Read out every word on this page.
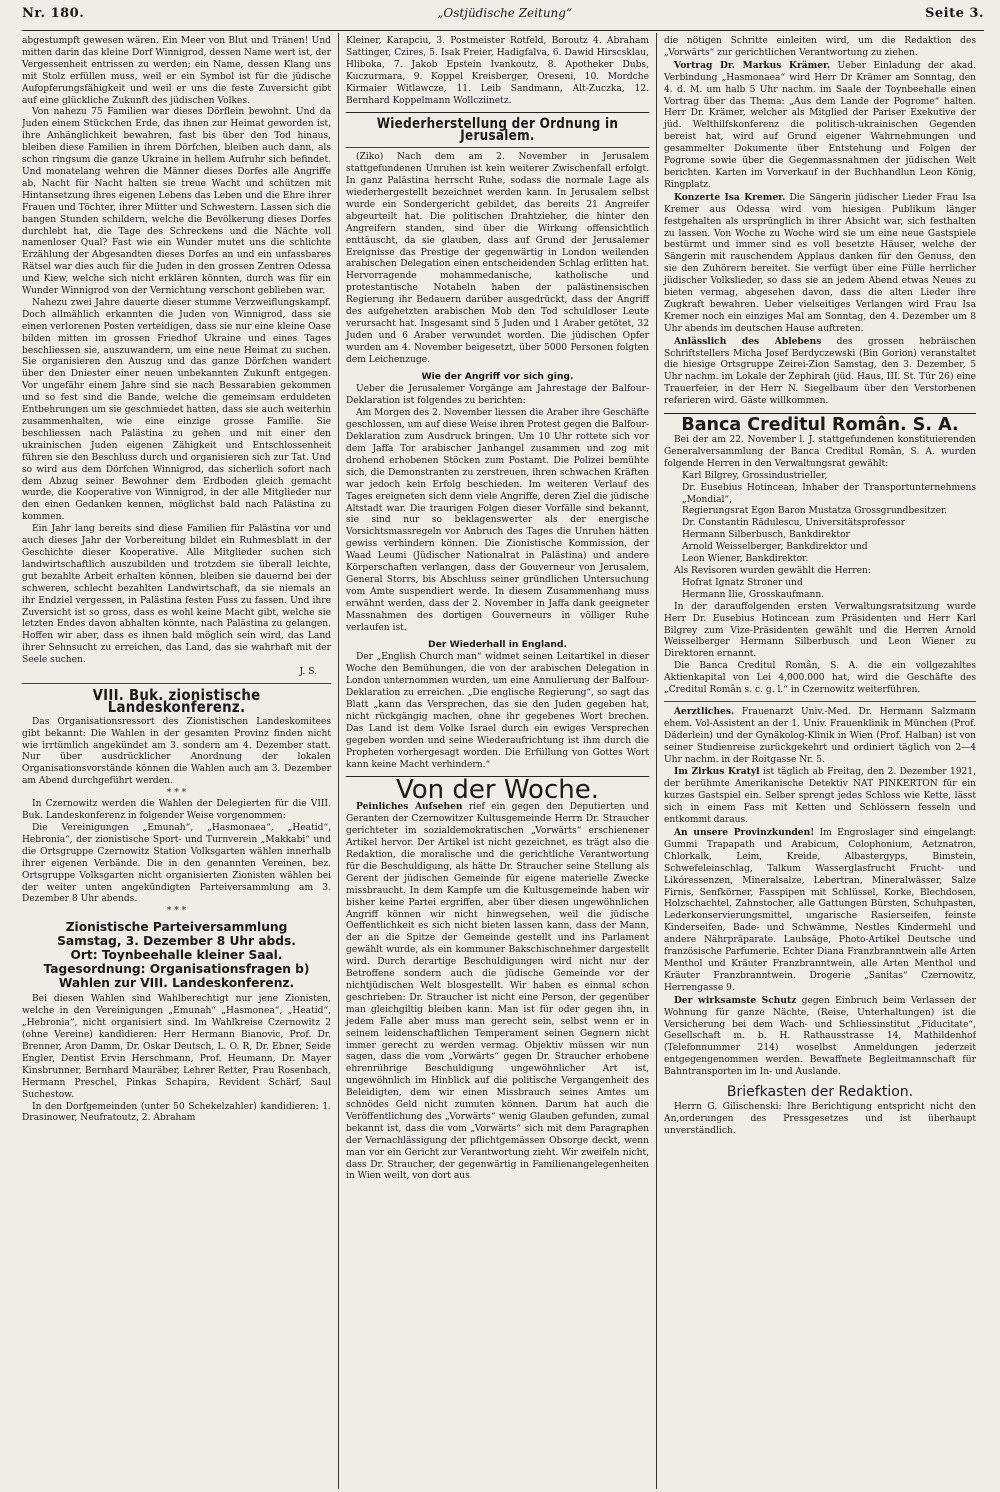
Nr. 180.	„Ostjüdische Zeitung“	Seite 3.

abgestumpft gewesen wären. Ein Meer von Blut und Tränen! Und mitten darin das kleine Dorf Winnigrod, dessen Name wert ist, der Vergessenheit entrissen zu werden; ein Name, dessen Klang uns mit Stolz erfüllen muss, weil er ein Symbol ist für die jüdische Aufopferungsfähigkeit und weil er uns die feste Zuversicht gibt auf eine glückliche Zukunft des jüdischen Volkes.

Von nahezu 75 Familien war dieses Dörflein bewohnt. Und da Juden einem Stückchen Erde, das ihnen zur Heimat geworden ist, ihre Anhänglichkeit bewahren, fast bis über den Tod hinaus, bleiben diese Familien in ihrem Dörfchen, bleiben auch dann, als schon ringsum die ganze Ukraine in hellem Aufruhr sich befindet. Und monatelang wehren die Männer dieses Dorfes alle Angriffe ab, Nacht für Nacht halten sie treue Wacht und schützen mit Hintansetzung ihres eigenen Lebens das Leben und die Ehre ihrer Frauen und Töchter, ihrer Mütter und Schwestern. Lassen sich die bangen Stunden schildern, welche die Bevölkerung dieses Dorfes durchlebt hat, die Tage des Schreckens und die Nächte voll namenloser Qual? Fast wie ein Wunder mutet uns die schlichte Erzählung der Abgesandten dieses Dorfes an und ein unfassbares Rätsel war dies auch für die Juden in den grossen Zentren Odessa und Kiew, welche sich nicht erklären könnten, durch was für ein Wunder Winnigrod von der Vernichtung verschont geblieben war.

Nahezu zwei Jahre dauerte dieser stumme Verzweiflungskampf. Doch allmählich erkannten die Juden von Winnigrod, dass sie einen verlorenen Posten verteidigen, dass sie nur eine kleine Oase bilden mitten im grossen Friedhof Ukraine und eines Tages beschliessen sie, auszuwandern, um eine neue Heimat zu suchen. Sie organisieren den Auszug und das ganze Dörfchen wandert über den Dniester einer neuen unbekannten Zukunft entgegen. Vor ungefähr einem Jahre sind sie nach Bessarabien gekommen und so fest sind die Bande, welche die gemeinsam erduldeten Entbehrungen um sie geschmiedet hatten, dass sie auch weiterhin zusammenhalten, wie eine einzige grosse Familie. Sie beschliessen nach Palästina zu gehen und mit einer den ukrainischen Juden eigenen Zähigkeit und Entschlossenheit führen sie den Beschluss durch und organisieren sich zur Tat. Und so wird aus dem Dörfchen Winnigrod, das sicherlich sofort nach dem Abzug seiner Bewohner dem Erdboden gleich gemacht wurde, die Kooperative von Winnigrod, in der alle Mitglieder nur den einen Gedanken kennen, möglichst bald nach Palästina zu kommen.

Ein Jahr lang bereits sind diese Familien für Palästina vor und auch dieses Jahr der Vorbereitung bildet ein Ruhmesblatt in der Geschichte dieser Kooperative. Alle Mitglieder suchen sich landwirtschaftlich auszubilden und trotzdem sie überall leichte, gut bezahlte Arbeit erhalten können, bleiben sie dauernd bei der schweren, schlecht bezahlten Landwirtschaft, da sie niemals an ihr Endziel vergessen, in Palästina festen Fuss zu fassen. Und ihre Zuversicht ist so gross, dass es wohl keine Macht gibt, welche sie letzten Endes davon abhalten könnte, nach Palästina zu gelangen. Hoffen wir aber, dass es ihnen bald möglich sein wird, das Land ihrer Sehnsucht zu erreichen, das Land, das sie wahrhaft mit der Seele suchen.

J. S.
VIII. Buk. zionistische Landeskonferenz.

Das Organisationsressort des Zionistischen Landeskomitees gibt bekannt: Die Wahlen in der gesamten Provinz finden nicht wie irrtümlich angekündet am 3. sondern am 4. Dezember statt. Nur über ausdrücklicher Anordnung der lokalen Organisationsvorstände können die Wahlen auch am 3. Dezember am Abend durchgeführt werden.

* * *

In Czernowitz werden die Wahlen der Delegierten für die VIII. Buk. Landeskonferenz in folgender Weise vorgenommen:

Die Vereinigungen „Emunah“, „Hasmonaea“, „Heatid“, Hebronia“, der zionistische Sport- und Turnverein „Makkabi“ und die Ortsgruppe Czernowitz Station Volksgarten wählen innerhalb ihrer eigenen Verbände. Die in den genannten Vereinen, bez. Ortsgruppe Volksgarten nicht organisierten Zionisten wählen bei der weiter unten angekündigten Parteiversammlung am 3. Dezember 8 Uhr abends.

* * *
Zionistische Parteiversammlung
Samstag, 3. Dezember 8 Uhr abds.
Ort: Toynbeehalle kleiner Saal.
Tagesordnung: Organisationsfragen b) Wahlen zur VIII. Landeskonferenz.

Bei diesen Wahlen sind Wahlberechtigt nur jene Zionisten, welche in den Vereinigungen „Emunah“ „Hasmonea“, „Heatid“, „Hebronia“, nicht organisiert sind. Im Wahlkreise Czernowitz 2 (ohne Vereine) kandidieren: Herr Hermann Bianovic, Prof. Dr. Brenner, Aron Damm, Dr. Oskar Deutsch, L. O. R, Dr. Ebner, Seide Engler, Dentist Ervin Herschmann, Prof. Heumann, Dr. Mayer Kinsbrunner, Bernhard Mauräber, Lehrer Retter, Frau Rosenbach, Hermann Preschel, Pinkas Schapira, Revident Schärf, Saul Suchestow.

In den Dorfgemeinden (unter 50 Schekelzahler) kandidieren: 1. Drasinower, Neufratoutz, 2. Abraham

Kleiner, Karapciu, 3. Postmeister Rotfeld, Boroutz 4. Abraham Sattinger, Czires, 5. Isak Freier, Hadigfalva, 6. Dawid Hirscsklau, Hliboka, 7. Jakob Epstein Ivankoutz, 8. Apotheker Dubs, Kuczurmara, 9. Koppel Kreisberger, Oreseni, 10. Mordche Kirmaier Witlawcze, 11. Leib Sandmann, Alt-Zuczka, 12. Bernhard Koppelmann Wollcziinetz.

Wiederherstellung der Ordnung in Jerusalem.

(Ziko) Nach dem am 2. November in Jerusalem stattgefundenen Unruhen ist kein weiterer Zwischenfall erfolgt. In ganz Palästina herrscht Ruhe, sodass die normale Lage als wiederhergestellt bezeichnet werden kann. In Jerusalem selbst wurde ein Sondergericht gebildet, das bereits 21 Angreifer abgeurteilt hat. Die politischen Drahtzieher, die hinter den Angreifern standen, sind über die Wirkung offensichtlich enttäuscht, da sie glauben, dass auf Grund der Jerusalemer Ereignisse das Prestige der gegenwärtig in London weilenden arabischen Delegation einen entscheidenden Schlag erlitten hat. Hervorragende mohammedanische, katholische und protestantische Notabeln haben der palästinensischen Regierung ihr Bedauern darüber ausgedrückt, dass der Angriff des aufgehetzten arabischen Mob den Tod schuldloser Leute verursacht hat. Insgesamt sind 5 Juden und 1 Araber getötet, 32 Juden und 6 Araber verwundet worden. Die jüdischen Opfer wurden am 4. November beigesetzt, über 5000 Personen folgten dem Leichenzuge.

Wie der Angriff vor sich ging.

Ueber die Jerusalemer Vorgänge am Jahrestage der Balfour-Deklaration ist folgendes zu berichten:

Am Morgen des 2. November liessen die Araber ihre Geschäfte geschlossen, um auf diese Weise ihren Protest gegen die Balfour-Deklaration zum Ausdruck bringen. Um 10 Uhr rottete sich vor dem Jaffa Tor arabischer Janhangel zusammen und zog mit drohend erhobenen Stöcken zum Postamt. Die Polizei bemühte sich, die Demonstranten zu zerstreuen, ihren schwachen Kräften war jedoch kein Erfolg beschieden. Im weiteren Verlauf des Tages ereigneten sich denn viele Angriffe, deren Ziel die jüdische Altstadt war. Die traurigen Folgen dieser Vorfälle sind bekannt, sie sind nur so beklagenswerter als der energische Vorsichtsmassregeln vor Anbruch des Tages die Unruhen hätten gewiss verhindern können. Die Zionistische Kommission, der Waad Leumi (Jüdischer Nationalrat in Palästina) und andere Körperschaften verlangen, dass der Gouverneur von Jerusalem, General Storrs, bis Abschluss seiner gründlichen Untersuchung vom Amte suspendiert werde. In diesem Zusammenhang muss erwähnt werden, dass der 2. November in Jaffa dank geeigneter Massnahmen des dortigen Gouverneurs in völliger Ruhe verlaufen ist.

Der Wiederhall in England.

Der „English Church man“ widmet seinen Leitartikel in dieser Woche den Bemühungen, die von der arabischen Delegation in London unternommen wurden, um eine Annulierung der Balfour-Deklaration zu erreichen. „Die englische Regierung“, so sagt das Blatt „kann das Versprechen, das sie den Juden gegeben hat, nicht rückgängig machen, ohne ihr gegebenes Wort brechen. Das Land ist dem Volke Israel durch ein ewiges Versprechen gegeben worden und seine Wiederaufrichtung ist ihm durch die Propheten vorhergesagt worden. Die Erfüllung von Gottes Wort kann keine Macht verhindern.“

Von der Woche.

Peinliches Aufsehen rief ein gegen den Deputierten und Geranten der Czernowitzer Kultusgemeinde Herrn Dr. Straucher gerichteter im sozialdemokratischen „Vorwärts“ erschienener Artikel hervor. Der Artikel ist nicht gezeichnet, es trägt also die Redaktion, die moralische und die gerichtliche Verantwortung für die Beschuldigung, als hätte Dr. Straucher seine Stellung als Gerent der jüdischen Gemeinde für eigene materielle Zwecke missbraucht. In dem Kampfe um die Kultusgemeinde haben wir bisher keine Partei ergriffen, aber über diesen ungewöhnlichen Angriff können wir nicht hinwegsehen, weil die jüdische Oeffentlichkeit es sich nicht bieten lassen kann, dass der Mann, der an die Spitze der Gemeinde gestellt und ins Parlament gewählt wurde, als ein kommuner Bakschischnehmer dargestellt wird. Durch derartige Beschuldigungen wird nicht nur der Betroffene sondern auch die jüdische Gemeinde vor der nichtjüdischen Welt blosgestellt. Wir haben es einmal schon geschrieben: Dr. Straucher ist nicht eine Person, der gegenüber man gleichgiltig bleiben kann. Man ist für oder gegen ihn, in jedem Falle aber muss man gerecht sein, selbst wenn er in seinem leidenschaftlichen Temperament seinen Gegnern nicht immer gerecht zu werden vermag. Objektiv müssen wir nun sagen, dass die vom „Vorwärts“ gegen Dr. Straucher erhobene ehrenrührige Beschuldigung ungewöhnlicher Art ist, ungewöhnlich im Hinblick auf die politische Vergangenheit des Beleidigten, dem wir einen Missbrauch seines Amtes um schnödes Geld nicht zumuten können. Darum hat auch die Veröffentlichung des „Vorwärts“ wenig Glauben gefunden, zumal bekannt ist, dass die vom „Vorwärts“ sich mit dem Paragraphen der Vernachlässigung der pflichtgemässen Obsorge deckt, wenn man vor ein Gericht zur Verantwortung zieht. Wir zweifeln nicht, dass Dr. Straucher, der gegenwärtig in Familienangelegenheiten in Wien weilt, von dort aus

die nötigen Schritte einleiten wird, um die Redaktion des „Vorwärts“ zur gerichtlichen Verantwortung zu ziehen.

Vortrag Dr. Markus Krämer. Ueber Einladung der akad. Verbindung „Hasmonaea“ wird Herr Dr Krämer am Sonntag, den 4. d. M. um halb 5 Uhr nachm. im Saale der Toynbeehalle einen Vortrag über das Thema: „Aus dem Lande der Pogrome“ halten. Herr Dr. Krämer, welcher als Mitglied der Pariser Exekutive der jüd. Welthilfskonferenz die politisch-ukrainischen Gegenden bereist hat, wird auf Grund eigener Wahrnehmungen und gesammelter Dokumente über Entstehung und Folgen der Pogrome sowie über die Gegenmassnahmen der jüdischen Welt berichten. Karten im Vorverkauf in der Buchhandlun Leon König, Ringplatz.

Konzerte Isa Kremer. Die Sängerin jüdischer Lieder Frau Isa Kremer aus Odessa wird vom hiesigen Publikum länger festgehalten als ursprünglich in ihrer Absicht war, sich festhalten zu lassen. Von Woche zu Woche wird sie um eine neue Gastspiele bestürmt und immer sind es voll besetzte Häuser, welche der Sängerin mit rauschendem Applaus danken für den Genuss, den sie den Zuhörern bereitet. Sie verfügt über eine Fülle herrlicher jüdischer Volkslieder, so dass sie an jedem Abend etwas Neues zu bieten vermag, abgesehen davon, dass die alten Lieder ihre Zugkraft bewahren. Ueber vielseitiges Verlangen wird Frau Isa Kremer noch ein einziges Mal am Sonntag, den 4. Dezember um 8 Uhr abends im deutschen Hause auftreten.

Anlässlich des Ablebens des grossen hebräischen Schriftstellers Micha Josef Berdyczewski (Bin Gorion) veranstaltet die hiesige Ortsgruppe Zeirei-Zion Samstag, den 3. Dezember, 5 Uhr nachm. im Lokale der Zephirah (jüd. Haus, III. St. Tür 26) eine Trauerfeier, in der Herr N. Siegelbaum über den Verstorbenen referieren wird. Gäste willkommen.

Banca Creditul Român. S. A.

Bei der am 22. November l. J. stattgefundenen konstituierenden Generalversammlung der Banca Creditul Român, S. A. wurden folgende Herren in den Verwaltungsrat gewählt:

Karl Bilgrey, Grossindustrieller,

Dr. Eusebius Hotincean, Inhaber der Transportunternehmens „Mondial“,

Regierungsrat Egon Baron Mustatza Grossgrundbesitzer.

Dr. Constantin Rădulescu, Universitätsprofessor

Hermann Silberbusch, Bankdirektor

Arnold Weisselberger, Bankdirektor und

Leon Wiener, Bankdirektor.

Als Revisoren wurden gewählt die Herren:

Hofrat Ignatz Stroner und

Hermann Ilie, Grosskaufmann.

In der darauffolgenden ersten Verwaltungsratsitzung wurde Herr Dr. Eusebius Hotincean zum Präsidenten und Herr Karl Bilgrey zum Vize-Präsidenten gewählt und die Herren Arnold Weisselberger Hermann Silberbusch und Leon Wiener zu Direktoren ernannt.

Die Banca Creditul Român, S. A. die ein vollgezahltes Aktienkapital von Lei 4,000.000 hat, wird die Geschäfte des „Creditul Român s. c. g. l.“ in Czernowitz weiterführen.

Aerztliches. Frauenarzt Univ.-Med. Dr. Hermann Salzmann ehem. Vol-Assistent an der 1. Univ. Frauenklinik in München (Prof. Däderlein) und der Gynäkolog-Klinik in Wien (Prof. Halban) ist von seiner Studienreise zurückgekehrt und ordiniert täglich von 2—4 Uhr nachm. in der Roitgasse Nr. 5.

Im Zirkus Kratyl ist täglich ab Freitag, den 2. Dezember 1921, der berühmte Amerikanische Detektiv NAT PINKERTON für ein kurzes Gastspiel ein. Selber sprengt jedes Schloss wie Kette, lässt sich in einem Fass mit Ketten und Schlössern fesseln und entkommt daraus.

An unsere Provinzkunden! Im Engroslager sind eingelangt: Gummi Trapapath und Arabicum, Colophonium, Aetznatron, Chlorkalk, Leim, Kreide, Albastergyps, Bimstein, Schwefeleinschlag, Talkum Wasserglasfrucht Frucht- und Likóressenzen, Mineralsalze, Lebertran, Mineralwässer, Salze Firnis, Senfkörner, Fasspipen mit Schlüssel, Korke, Blechdosen, Holzschachtel, Zahnstocher, alle Gattungen Bürsten, Schuhpasten, Lederkonservierungsmittel, ungarische Rasierseifen, feinste Kinderseifen, Bade- und Schwämme, Nestles Kindermehl und andere Nährpräparate. Laubsäge, Photo-Artikel Deutsche und französische Parfumerie. Echter Diana Franzbranntwein alle Arten Menthol und Kräuter Franzbranntwein, alle Arten Menthol und Kräuter Franzbranntwein. Drogerie „Sanitas“ Czernowitz, Herrengasse 9.

Der wirksamste Schutz gegen Einbruch beim Verlassen der Wohnung für ganze Nächte, (Reise, Unterhaltungen) ist die Versicherung bei dem Wach- und Schliessinstitut „Fiducitate“, Gesellschaft m. b. H. Rathausstrasse 14, Mathildenhof (Telefonnummer 214) woselbst Anmeldungen jederzeit entgegengenommen werden. Bewaffnete Begleitmannschaft für Bahntransporten im In- und Auslande.

Briefkasten der Redaktion.

Herrn G. Gilischenski: Ihre Berichtigung entspricht nicht den An,orderungen des Pressgesetzes und ist überhaupt unverständlich.
